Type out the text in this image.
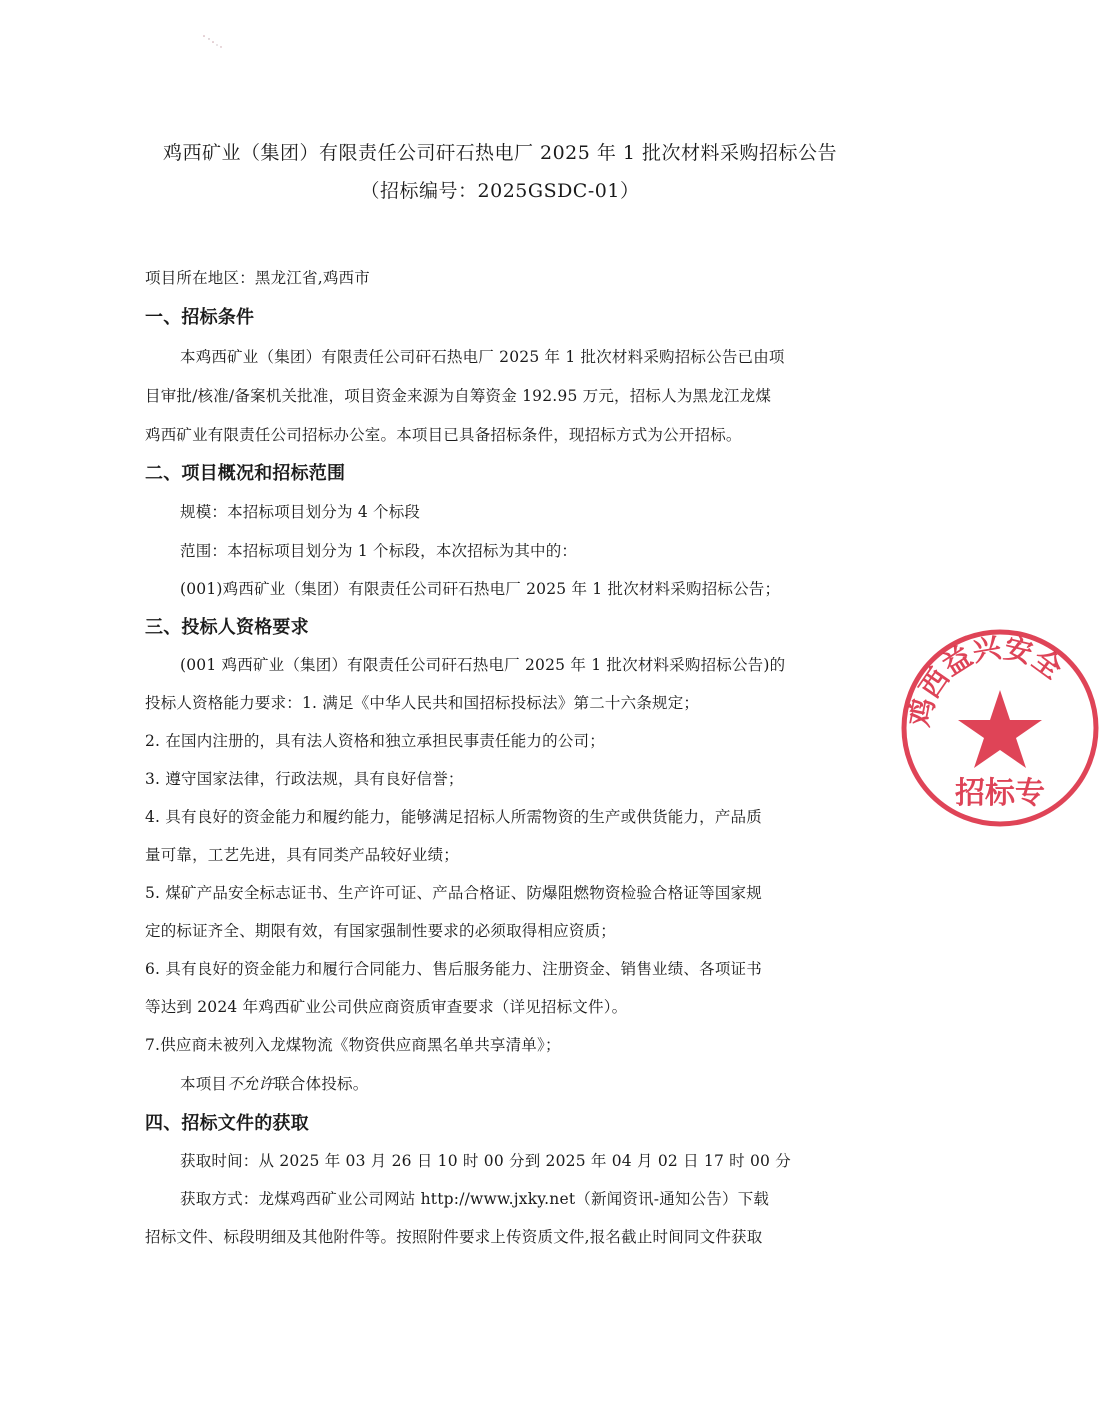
鸡西矿业（集团）有限责任公司矸石热电厂 2025 年 1 批次材料采购招标公告
（招标编号：2025GSDC-01）
项目所在地区：黑龙江省,鸡西市
一、招标条件
本鸡西矿业（集团）有限责任公司矸石热电厂 2025 年 1 批次材料采购招标公告已由项
目审批/核准/备案机关批准，项目资金来源为自筹资金 192.95 万元，招标人为黑龙江龙煤
鸡西矿业有限责任公司招标办公室。本项目已具备招标条件，现招标方式为公开招标。
二、项目概况和招标范围
规模：本招标项目划分为 4 个标段
范围：本招标项目划分为 1 个标段，本次招标为其中的：
(001)鸡西矿业（集团）有限责任公司矸石热电厂 2025 年 1 批次材料采购招标公告；
三、投标人资格要求
(001 鸡西矿业（集团）有限责任公司矸石热电厂 2025 年 1 批次材料采购招标公告)的
投标人资格能力要求：1. 满足《中华人民共和国招标投标法》第二十六条规定；
2. 在国内注册的，具有法人资格和独立承担民事责任能力的公司；
3. 遵守国家法律，行政法规，具有良好信誉；
4. 具有良好的资金能力和履约能力，能够满足招标人所需物资的生产或供货能力，产品质
量可靠，工艺先进，具有同类产品较好业绩；
5. 煤矿产品安全标志证书、生产许可证、产品合格证、防爆阻燃物资检验合格证等国家规
定的标证齐全、期限有效，有国家强制性要求的必须取得相应资质；
6. 具有良好的资金能力和履行合同能力、售后服务能力、注册资金、销售业绩、各项证书
等达到 2024 年鸡西矿业公司供应商资质审查要求（详见招标文件）。
7.供应商未被列入龙煤物流《物资供应商黑名单共享清单》；
本项目不允许联合体投标。
四、招标文件的获取
获取时间：从 2025 年 03 月 26 日 10 时 00 分到 2025 年 04 月 02 日 17 时 00 分
获取方式：龙煤鸡西矿业公司网站 http://www.jxky.net（新闻资讯-通知公告）下载
招标文件、标段明细及其他附件等。按照附件要求上传资质文件,报名截止时间同文件获取
鸡西益兴安全
招标专
